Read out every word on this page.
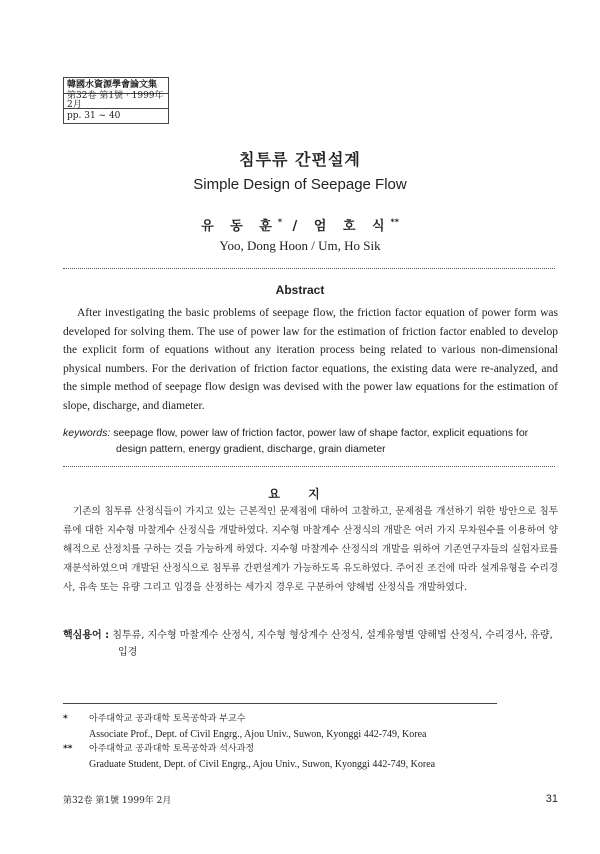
韓國水資源學會論文集
第32卷 第1號 · 1999年 2月
pp. 31 ~ 40
침투류 간편설계
Simple Design of Seepage Flow
유 동 훈* / 엄 호 식**
Yoo, Dong Hoon / Um, Ho Sik
Abstract

After investigating the basic problems of seepage flow, the friction factor equation of power form was developed for solving them. The use of power law for the estimation of friction factor enabled to develop the explicit form of equations without any iteration process being related to various non-dimensional physical numbers. For the derivation of friction factor equations, the existing data were re-analyzed, and the simple method of seepage flow design was devised with the power law equations for the estimation of slope, discharge, and diameter.

keywords: seepage flow, power law of friction factor, power law of shape factor, explicit equations for design pattern, energy gradient, discharge, grain diameter
요 지

기존의 침투류 산정식들이 가지고 있는 근본적인 문제점에 대하여 고찰하고, 문제점을 개선하기 위한 방안으로 침투류에 대한 지수형 마찰계수 산정식을 개발하였다. 지수형 마찰계수 산정식의 개발은 여러 가지 무차원수를 이용하여 양해적으로 산정치를 구하는 것을 가능하게 하였다. 지수형 마찰계수 산정식의 개발을 위하여 기존연구자들의 실험자료를 재분석하였으며 개발된 산정식으로 침투류 간편설계가 가능하도록 유도하였다. 주어진 조건에 따라 설계유형을 수리경사, 유속 또는 유량 그리고 입경을 산정하는 세가지 경우로 구분하여 양해법 산정식을 개발하였다.

핵심용어 : 침투류, 지수형 마찰계수 산정식, 지수형 형상계수 산정식, 설계유형별 양해법 산정식, 수리경사, 유량, 입경
*	아주대학교 공과대학 토목공학과 부교수
Associate Prof., Dept. of Civil Engrg., Ajou Univ., Suwon, Kyonggi 442-749, Korea
**	아주대학교 공과대학 토목공학과 석사과정
Graduate Student, Dept. of Civil Engrg., Ajou Univ., Suwon, Kyonggi 442-749, Korea
第32卷 第1號 1999年 2月	31
